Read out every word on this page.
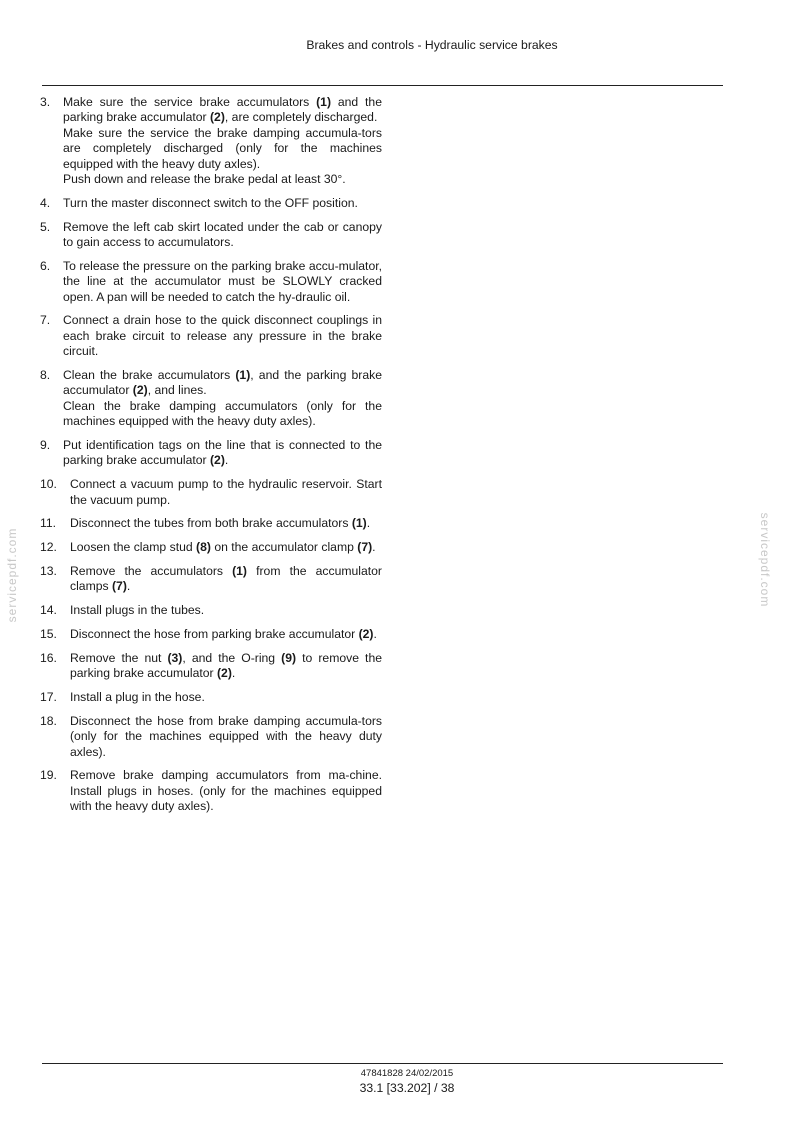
Brakes and controls - Hydraulic service brakes
3.	Make sure the service brake accumulators (1) and the parking brake accumulator (2), are completely discharged.
Make sure the service the brake damping accumula-tors are completely discharged (only for the machines equipped with the heavy duty axles).
Push down and release the brake pedal at least 30°.
4.	Turn the master disconnect switch to the OFF position.
5.	Remove the left cab skirt located under the cab or canopy to gain access to accumulators.
6.	To release the pressure on the parking brake accu-mulator, the line at the accumulator must be SLOWLY cracked open. A pan will be needed to catch the hy-draulic oil.
7.	Connect a drain hose to the quick disconnect couplings in each brake circuit to release any pressure in the brake circuit.
8.	Clean the brake accumulators (1), and the parking brake accumulator (2), and lines.
Clean the brake damping accumulators (only for the machines equipped with the heavy duty axles).
9.	Put identification tags on the line that is connected to the parking brake accumulator (2).
10.	Connect a vacuum pump to the hydraulic reservoir. Start the vacuum pump.
11.	Disconnect the tubes from both brake accumulators (1).
12.	Loosen the clamp stud (8) on the accumulator clamp (7).
13.	Remove the accumulators (1) from the accumulator clamps (7).
14.	Install plugs in the tubes.
15.	Disconnect the hose from parking brake accumulator (2).
16.	Remove the nut (3), and the O-ring (9) to remove the parking brake accumulator (2).
17.	Install a plug in the hose.
18.	Disconnect the hose from brake damping accumula-tors (only for the machines equipped with the heavy duty axles).
19.	Remove brake damping accumulators from ma-chine. Install plugs in hoses. (only for the machines equipped with the heavy duty axles).
servicepdf.com	servicepdf.com
47841828 24/02/2015
33.1 [33.202] / 38
